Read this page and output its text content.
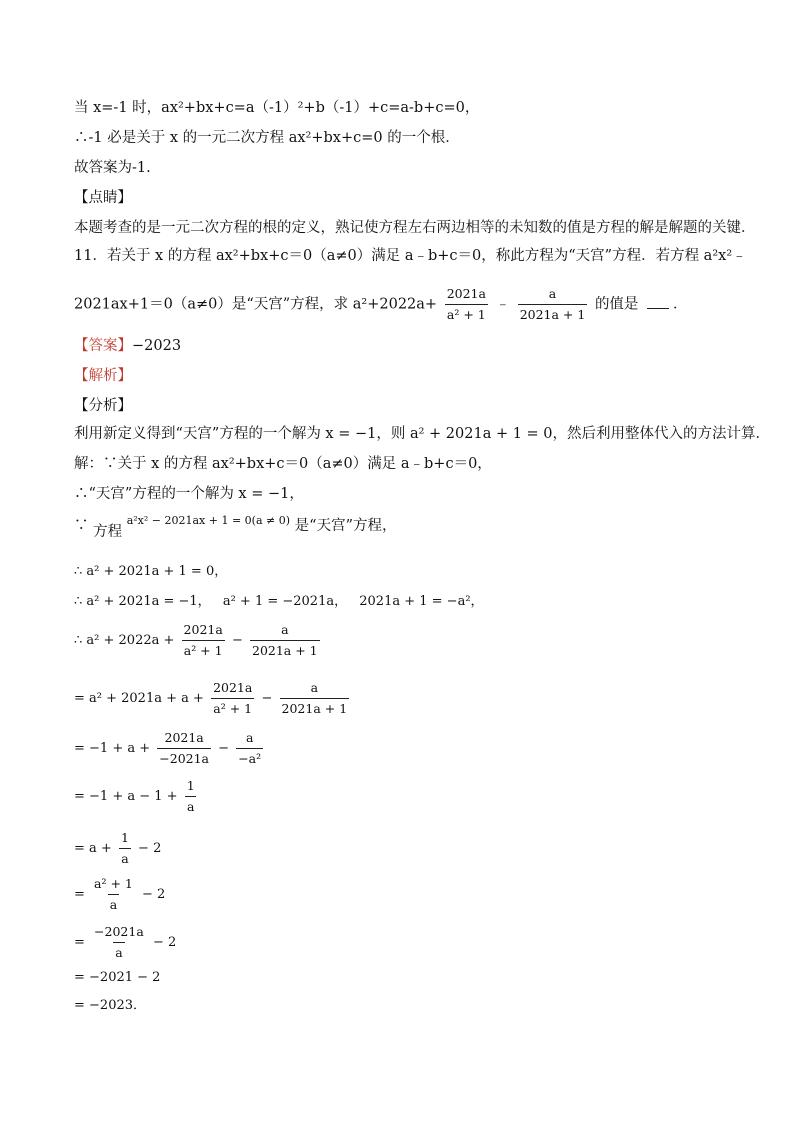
当 x=-1 时，ax²+bx+c=a（-1）²+b（-1）+c=a-b+c=0，
∴-1 必是关于 x 的一元二次方程 ax²+bx+c=0 的一个根．
故答案为-1.
【点睛】
本题考查的是一元二次方程的根的定义，熟记使方程左右两边相等的未知数的值是方程的解是解题的关键．
11．若关于 x 的方程 ax²+bx+c＝0（a≠0）满足 a﹣b+c＝0，称此方程为“天宫”方程．若方程 a²x²﹣
2021ax+1＝0（a≠0）是“天宫”方程，求 $a^2+2022a+ \frac{2021a}{\text{a² + 1}}$ ﹣ $\frac{a}{2021a + 1}$ 的值是 ．
【答案】−2023
【解析】
【分析】
利用新定义得到“天宫”方程的一个解为 x = −1，则 a² + 2021a + 1 = 0，然后利用整体代入的方法计算．
解：∵关于 x 的方程 ax²+bx+c＝0（a≠0）满足 a﹣b+c＝0，
∴“天宫”方程的一个解为 x = −1，
∵ 方程 $^{a^2x^2 - 2021ax + 1 = 0(a \ne 0)}$ 是“天宫”方程，
∴ a² + 2021a + 1 = 0，
∴ a² + 2021a = −1， a² + 1 = −2021a， 2021a + 1 = −a²，
∴ $a^2 + 2022a + \frac{2021a}{\text{a² + 1}} - \frac{a}{2021a + 1}$
= $a^2 + 2021a + a + \frac{2021a}{\text{a² + 1}} - \frac{a}{2021a + 1}$
= $-1 + a + \frac{2021a}{-2021a} - \frac{a}{\text{−a²}}$
= $-1 + a - 1 + \frac{1}{a}$
= $a + \frac{1}{a} - 2$
= $\frac{\text{a² + 1}}{a} - 2$
= $\frac{-2021a}{a} - 2$
= −2021 − 2
= −2023．
